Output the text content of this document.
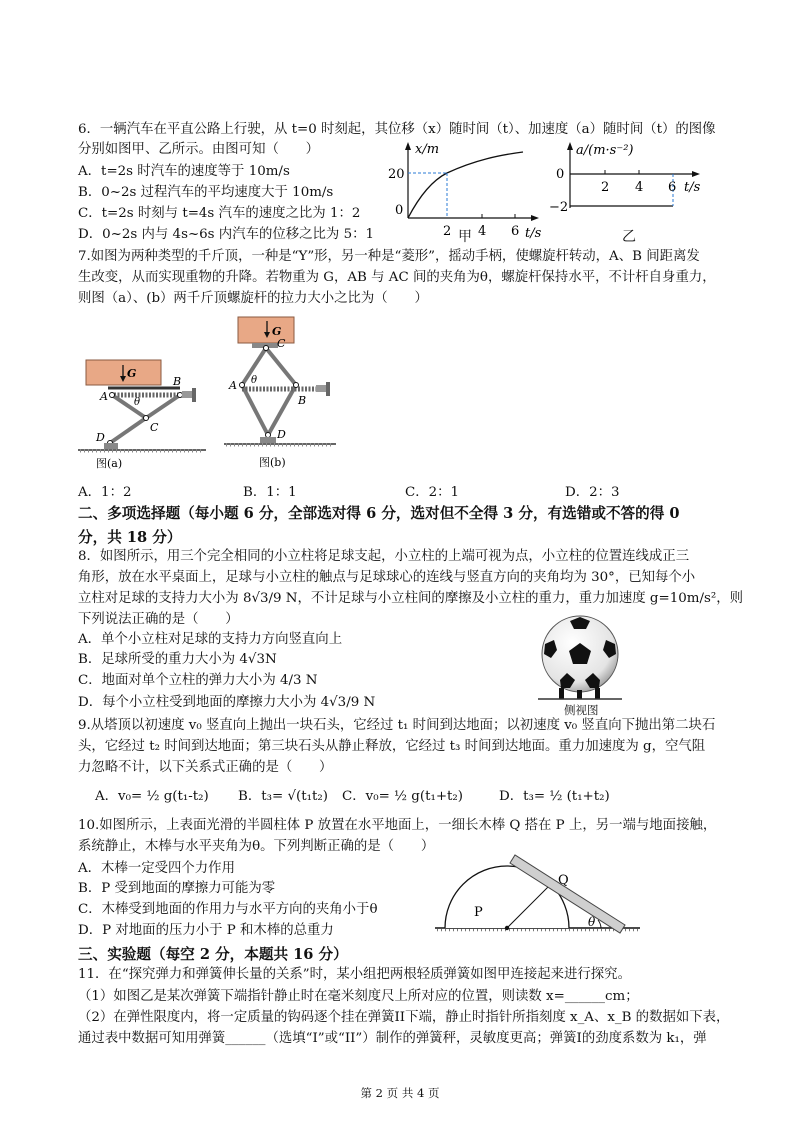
6．一辆汽车在平直公路上行驶，从 t=0 时刻起，其位移（x）随时间（t）、加速度（a）随时间（t）的图像
分别如图甲、乙所示。由图可知（　　）
A．t=2s 时汽车的速度等于 10m/s
B．0~2s 过程汽车的平均速度大于 10m/s
C．t=2s 时刻与 t=4s 汽车的速度之比为 1：2
D．0~2s 内与 4s~6s 内汽车的位移之比为 5：1
x/m
20
0
2 4 6 t/s
甲
a/(m·s⁻²)
0
−2
2 4 6 t/s
乙
7.如图为两种类型的千斤顶，一种是“Y”形，另一种是“菱形”，摇动手柄，使螺旋杆转动，A、B 间距离发
生改变，从而实现重物的升降。若物重为 G，AB 与 AC 间的夹角为θ，螺旋杆保持水平，不计杆自身重力，
则图（a）、(b）两千斤顶螺旋杆的拉力大小之比为（　　）
G
A
B
C
D
θ
图(a)
G
C
A
B
D
θ
图(b)
A．1：2	B．1：1	C．2：1	D．2：3
二、多项选择题（每小题 6 分，全部选对得 6 分，选对但不全得 3 分，有选错或不答的得 0
分，共 18 分）
8．如图所示，用三个完全相同的小立柱将足球支起，小立柱的上端可视为点，小立柱的位置连线成正三
角形，放在水平桌面上，足球与小立柱的触点与足球球心的连线与竖直方向的夹角均为 30°，已知每个小
立柱对足球的支持力大小为 8√3/9 N，不计足球与小立柱间的摩擦及小立柱的重力，重力加速度 g=10m/s²，则
下列说法正确的是（　　）
A．单个小立柱对足球的支持力方向竖直向上
B．足球所受的重力大小为 4√3N
C．地面对单个立柱的弹力大小为 4/3 N
D．每个小立柱受到地面的摩擦力大小为 4√3/9 N	侧视图
9.从塔顶以初速度 v₀ 竖直向上抛出一块石头，它经过 t₁ 时间到达地面；以初速度 v₀ 竖直向下抛出第二块石
头，它经过 t₂ 时间到达地面；第三块石头从静止释放，它经过 t₃ 时间到达地面。重力加速度为 g，空气阻
力忽略不计，以下关系式正确的是（　　）
A．v₀= ½ g(t₁-t₂) B．t₃= √(t₁t₂) C．v₀= ½ g(t₁+t₂)	D．t₃= ½ (t₁+t₂)
10.如图所示，上表面光滑的半圆柱体 P 放置在水平地面上，一细长木棒 Q 搭在 P 上，另一端与地面接触，
系统静止，木棒与水平夹角为θ。下列判断正确的是（　　）
A．木棒一定受四个力作用
B．P 受到地面的摩擦力可能为零
C．木棒受到地面的作用力与水平方向的夹角小于θ
D．P 对地面的压力小于 P 和木棒的总重力
P
Q
θ
三、实验题（每空 2 分，本题共 16 分）
11．在“探究弹力和弹簧伸长量的关系”时，某小组把两根轻质弹簧如图甲连接起来进行探究。
（1）如图乙是某次弹簧下端指针静止时在毫米刻度尺上所对应的位置，则读数 x=______cm；
（2）在弹性限度内，将一定质量的钩码逐个挂在弹簧II下端，静止时指针所指刻度 x_A、x_B 的数据如下表，
通过表中数据可知用弹簧______（选填“I”或“II”）制作的弹簧秤，灵敏度更高；弹簧I的劲度系数为 k₁，弹
第 2 页 共 4 页
